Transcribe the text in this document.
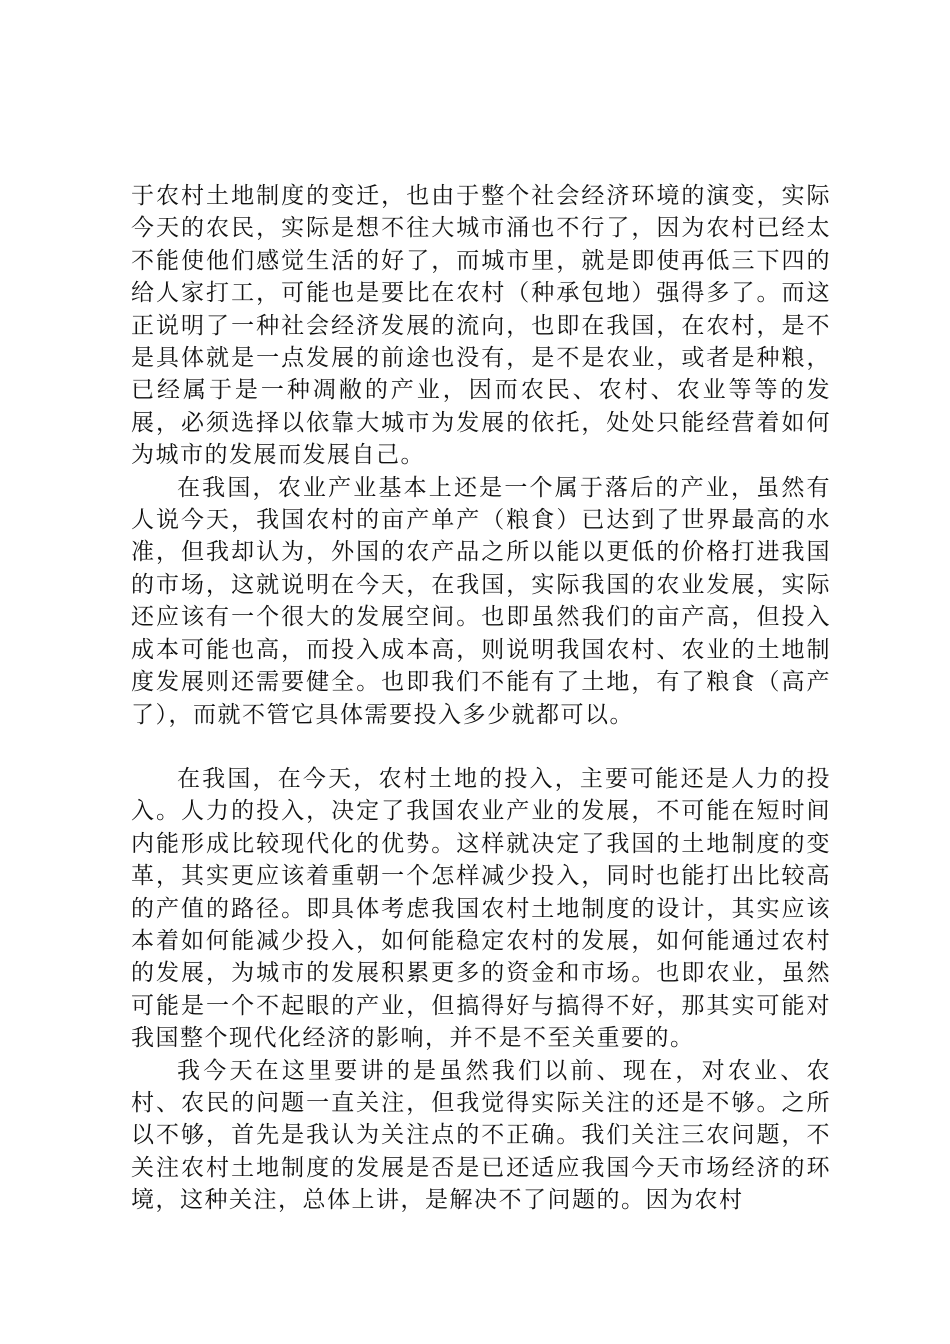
于农村土地制度的变迁，也由于整个社会经济环境的演变，实际今天的农民，实际是想不往大城市涌也不行了，因为农村已经太不能使他们感觉生活的好了，而城市里，就是即使再低三下四的给人家打工，可能也是要比在农村（种承包地）强得多了。而这正说明了一种社会经济发展的流向，也即在我国，在农村，是不是具体就是一点发展的前途也没有，是不是农业，或者是种粮，已经属于是一种凋敝的产业，因而农民、农村、农业等等的发展，必须选择以依靠大城市为发展的依托，处处只能经营着如何为城市的发展而发展自己。

在我国，农业产业基本上还是一个属于落后的产业，虽然有人说今天，我国农村的亩产单产（粮食）已达到了世界最高的水准，但我却认为，外国的农产品之所以能以更低的价格打进我国的市场，这就说明在今天，在我国，实际我国的农业发展，实际还应该有一个很大的发展空间。也即虽然我们的亩产高，但投入成本可能也高，而投入成本高，则说明我国农村、农业的土地制度发展则还需要健全。也即我们不能有了土地，有了粮食（高产了），而就不管它具体需要投入多少就都可以。

在我国，在今天，农村土地的投入，主要可能还是人力的投入。人力的投入，决定了我国农业产业的发展，不可能在短时间内能形成比较现代化的优势。这样就决定了我国的土地制度的变革，其实更应该着重朝一个怎样减少投入，同时也能打出比较高的产值的路径。即具体考虑我国农村土地制度的设计，其实应该本着如何能减少投入，如何能稳定农村的发展，如何能通过农村的发展，为城市的发展积累更多的资金和市场。也即农业，虽然可能是一个不起眼的产业，但搞得好与搞得不好，那其实可能对我国整个现代化经济的影响，并不是不至关重要的。

我今天在这里要讲的是虽然我们以前、现在，对农业、农村、农民的问题一直关注，但我觉得实际关注的还是不够。之所以不够，首先是我认为关注点的不正确。我们关注三农问题，不关注农村土地制度的发展是否是已还适应我国今天市场经济的环境，这种关注，总体上讲，是解决不了问题的。因为农村
